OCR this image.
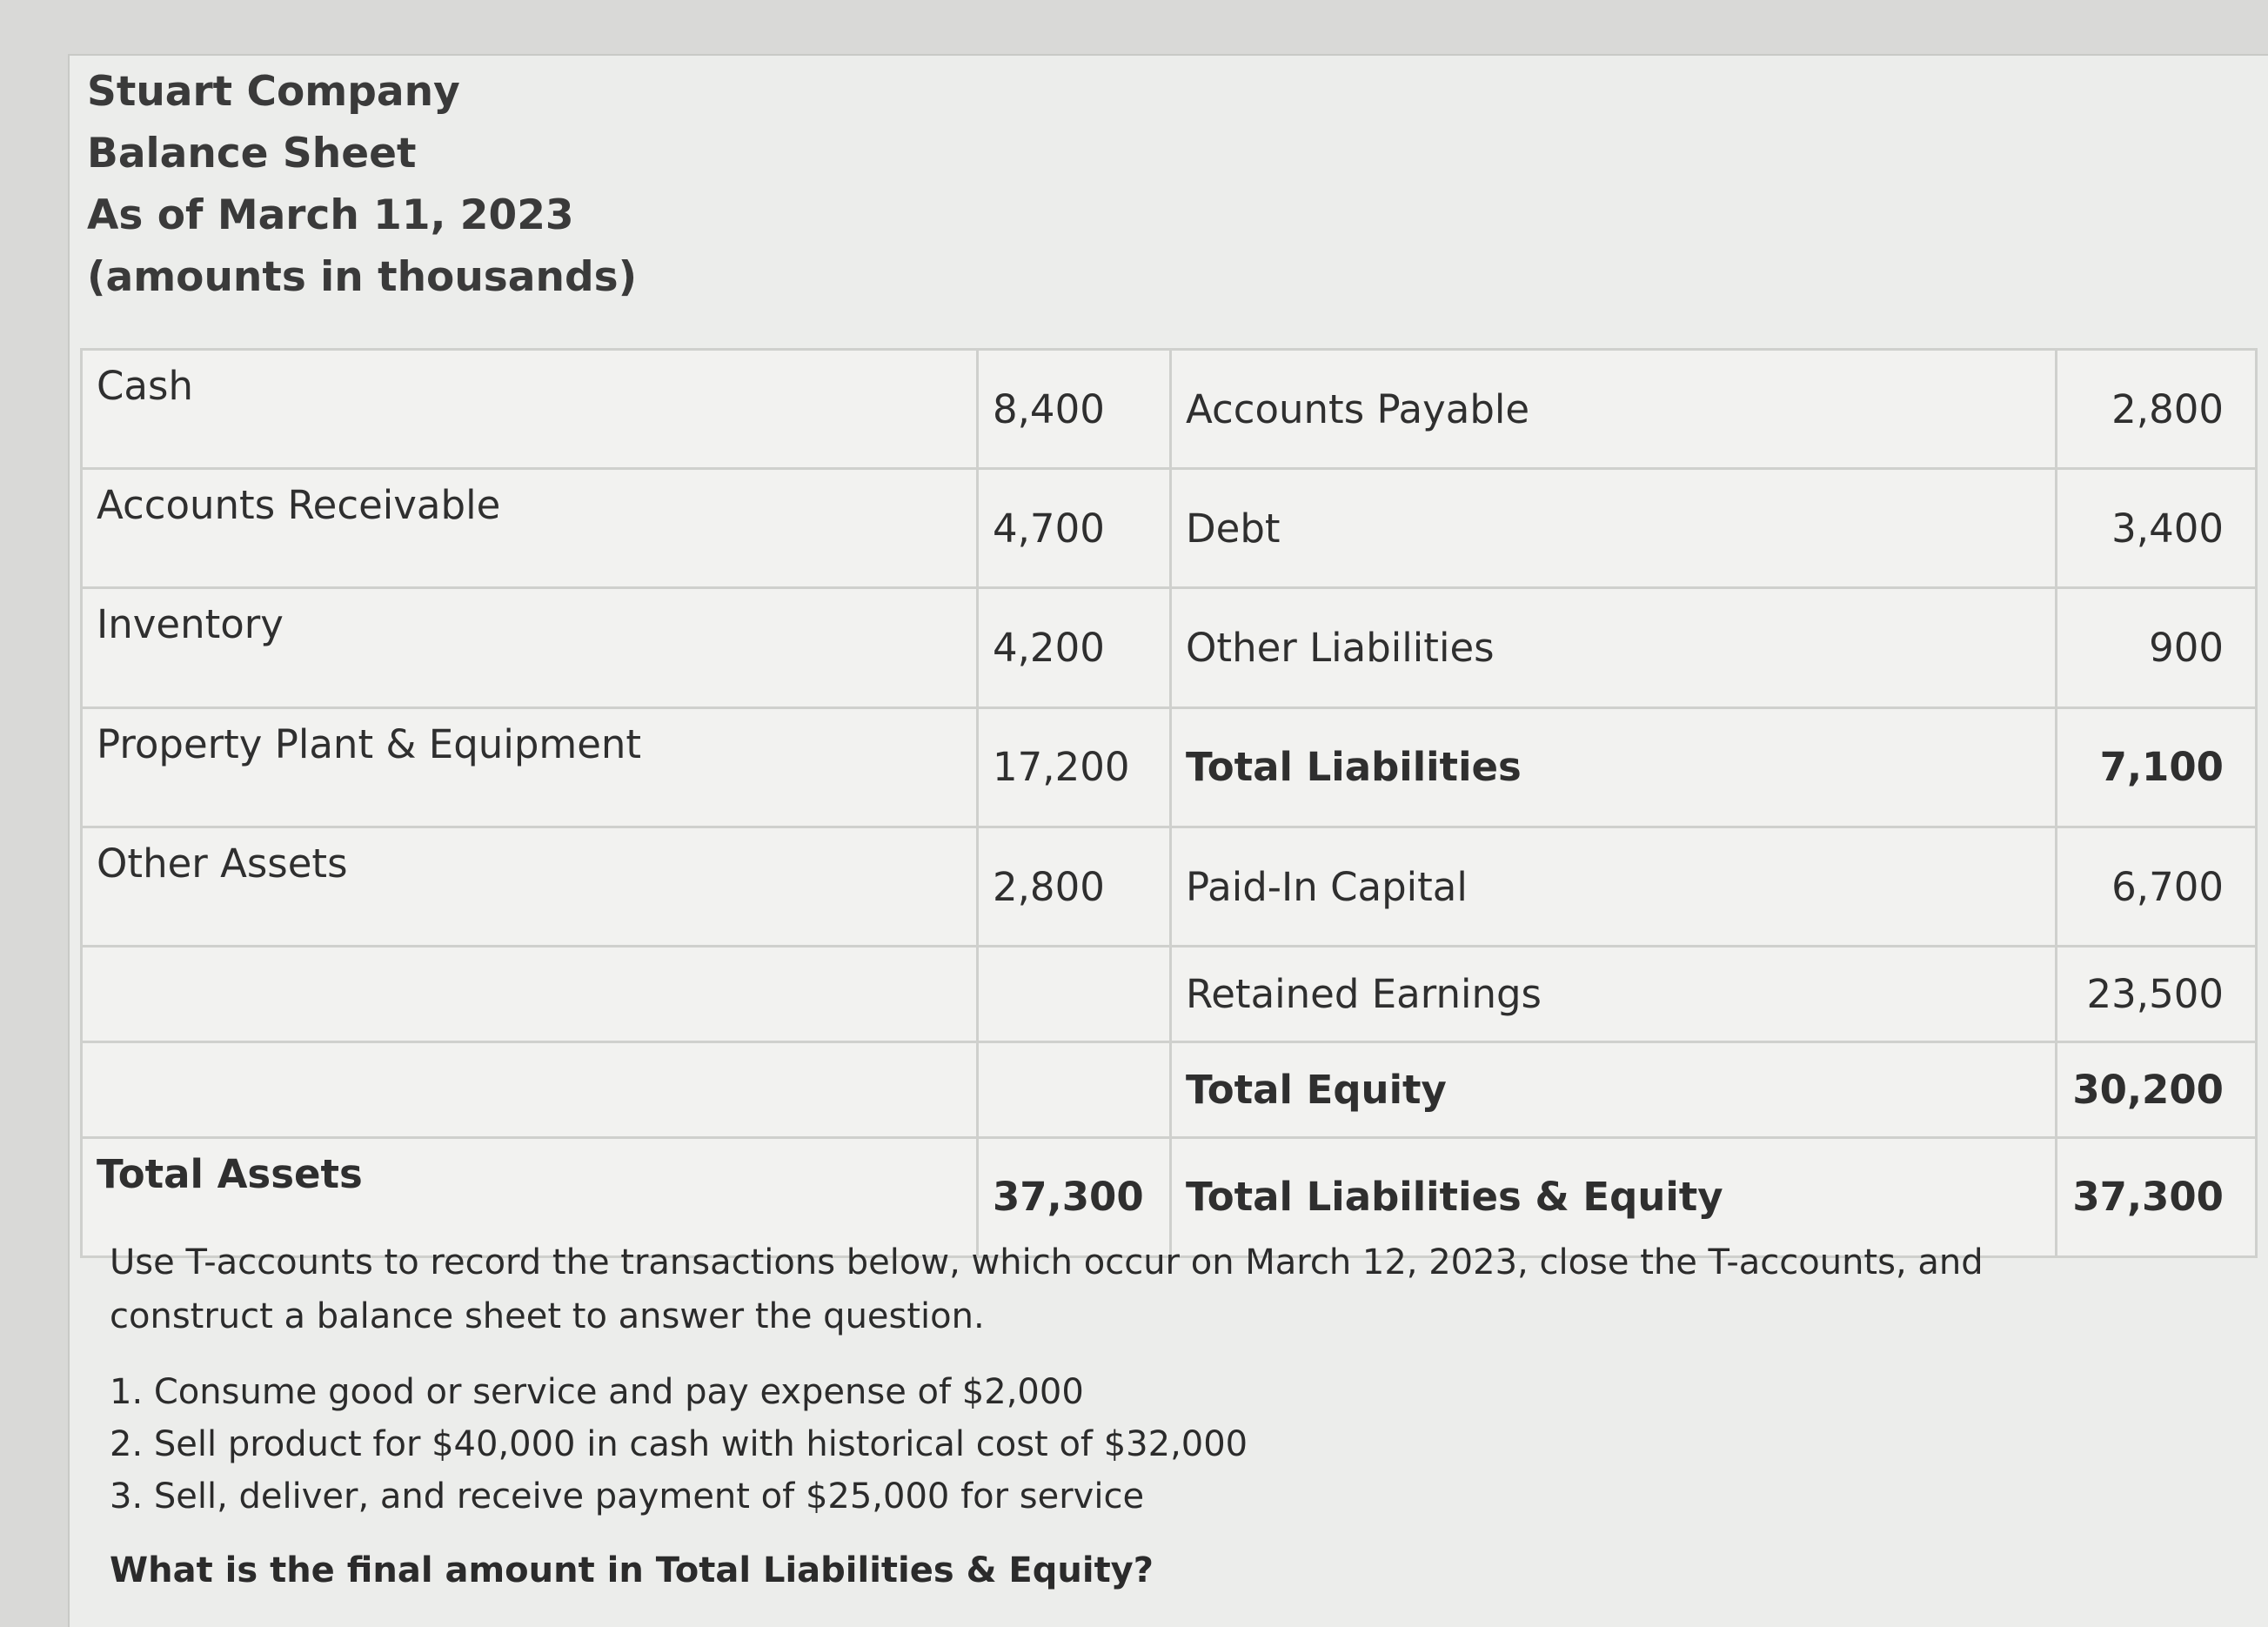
Stuart Company
Balance Sheet
As of March 11, 2023
(amounts in thousands)
Cash	8,400	Accounts Payable	2,800
Accounts Receivable	4,700	Debt	3,400
Inventory	4,200	Other Liabilities	900
Property Plant & Equipment	17,200	Total Liabilities	7,100
Other Assets	2,800	Paid-In Capital	6,700
		Retained Earnings	23,500
		Total Equity	30,200
Total Assets	37,300	Total Liabilities & Equity	37,300

Use T-accounts to record the transactions below, which occur on March 12, 2023, close the T-accounts, and construct a balance sheet to answer the question.

1. Consume good or service and pay expense of $2,000
2. Sell product for $40,000 in cash with historical cost of $32,000
3. Sell, deliver, and receive payment of $25,000 for service

What is the final amount in Total Liabilities & Equity?
